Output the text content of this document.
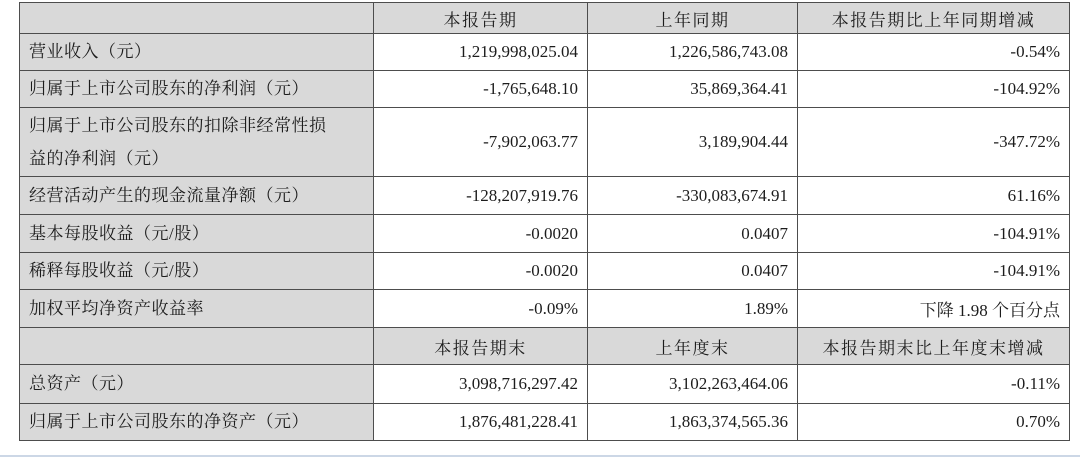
	本报告期	上年同期	本报告期比上年同期增减
营业收入（元）	1,219,998,025.04	1,226,586,743.08	-0.54%
归属于上市公司股东的净利润（元）	-1,765,648.10	35,869,364.41	-104.92%
归属于上市公司股东的扣除非经常性损益的净利润（元）	-7,902,063.77	3,189,904.44	-347.72%
经营活动产生的现金流量净额（元）	-128,207,919.76	-330,083,674.91	61.16%
基本每股收益（元/股）	-0.0020	0.0407	-104.91%
稀释每股收益（元/股）	-0.0020	0.0407	-104.91%
加权平均净资产收益率	-0.09%	1.89%	下降 1.98 个百分点
	本报告期末	上年度末	本报告期末比上年度末增减
总资产（元）	3,098,716,297.42	3,102,263,464.06	-0.11%
归属于上市公司股东的净资产（元）	1,876,481,228.41	1,863,374,565.36	0.70%
